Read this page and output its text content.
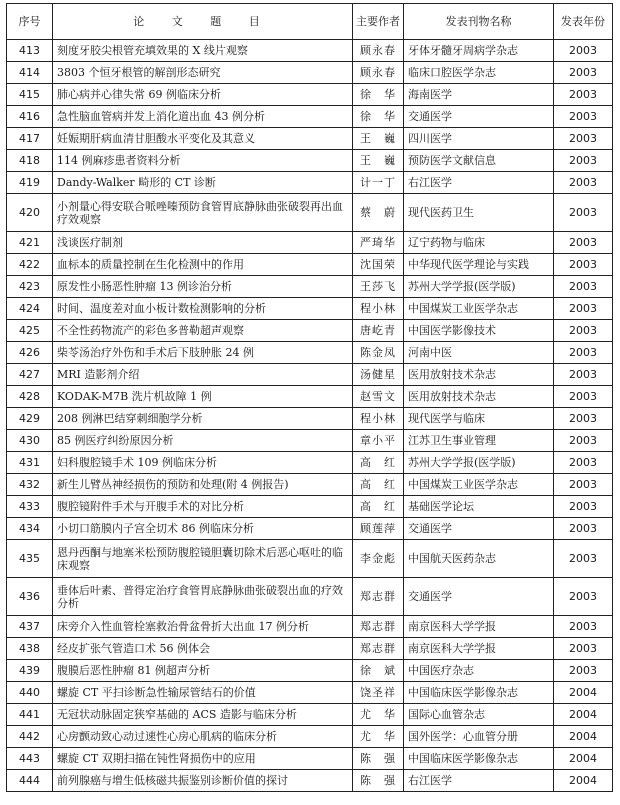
序号	论 文 题 目	主要作者	发表刊物名称	发表年份
413	刻度牙胶尖根管充填效果的 X 线片观察	顾永春	牙体牙髓牙周病学杂志	2003
414	3803 个恒牙根管的解剖形态研究	顾永春	临床口腔医学杂志	2003
415	肺心病并心律失常 69 例临床分析	徐　华	海南医学	2003
416	急性脑血管病并发上消化道出血 43 例分析	徐　华	交通医学	2003
417	妊娠期肝病血清甘胆酸水平变化及其意义	王　巍	四川医学	2003
418	114 例麻疹患者资料分析	王　巍	预防医学文献信息	2003
419	Dandy-Walker 畸形的 CT 诊断	计一丁	右江医学	2003
420	小剂量心得安联合哌唑嗪预防食管胃底静脉曲张破裂再出血疗效观察	蔡　蔚	现代医药卫生	2003
421	浅谈医疗制剂	严琦华	辽宁药物与临床	2003
422	血标本的质量控制在生化检测中的作用	沈国荣	中华现代医学理论与实践	2003
423	原发性小肠恶性肿瘤 13 例诊治分析	王莎飞	苏州大学学报(医学版)	2003
424	时间、温度差对血小板计数检测影响的分析	程小林	中国煤炭工业医学杂志	2003
425	不全性药物流产的彩色多普勒超声观察	唐屹青	中国医学影像技术	2003
426	柴苓汤治疗外伤和手术后下肢肿胀 24 例	陈金凤	河南中医	2003
427	MRI 造影剂介绍	汤健星	医用放射技术杂志	2003
428	KODAK-M7B 洗片机故障 1 例	赵雪文	医用放射技术杂志	2003
429	208 例淋巴结穿刺细胞学分析	程小林	现代医学与临床	2003
430	85 例医疗纠纷原因分析	章小平	江苏卫生事业管理	2003
431	妇科腹腔镜手术 109 例临床分析	高　红	苏州大学学报(医学版)	2003
432	新生儿臂丛神经损伤的预防和处理(附 4 例报告)	高　红	中国煤炭工业医学杂志	2003
433	腹腔镜附件手术与开腹手术的对比分析	高　红	基础医学论坛	2003
434	小切口筋膜内子宫全切术 86 例临床分析	顾莲萍	交通医学	2003
435	恩丹西酮与地塞米松预防腹腔镜胆囊切除术后恶心呕吐的临床观察	李金彪	中国航天医药杂志	2003
436	垂体后叶素、普得定治疗食管胃底静脉曲张破裂出血的疗效分析	郑志群	交通医学	2003
437	床旁介入性血管栓塞救治骨盆骨折大出血 17 例分析	郑志群	南京医科大学学报	2003
438	经皮扩张气管造口术 56 例体会	郑志群	南京医科大学学报	2003
439	腹膜后恶性肿瘤 81 例超声分析	徐　斌	中国医疗杂志	2003
440	螺旋 CT 平扫诊断急性输尿管结石的价值	饶圣祥	中国临床医学影像杂志	2004
441	无冠状动脉固定狭窄基础的 ACS 造影与临床分析	尤　华	国际心血管杂志	2004
442	心房颤动致心动过速性心房心肌病的临床分析	尤　华	国外医学：心血管分册	2004
443	螺旋 CT 双期扫描在钝性肾损伤中的应用	陈　强	中国临床医学影像杂志	2004
444	前列腺癌与增生低核磁共振鉴别诊断价值的探讨	陈　强	右江医学	2004
